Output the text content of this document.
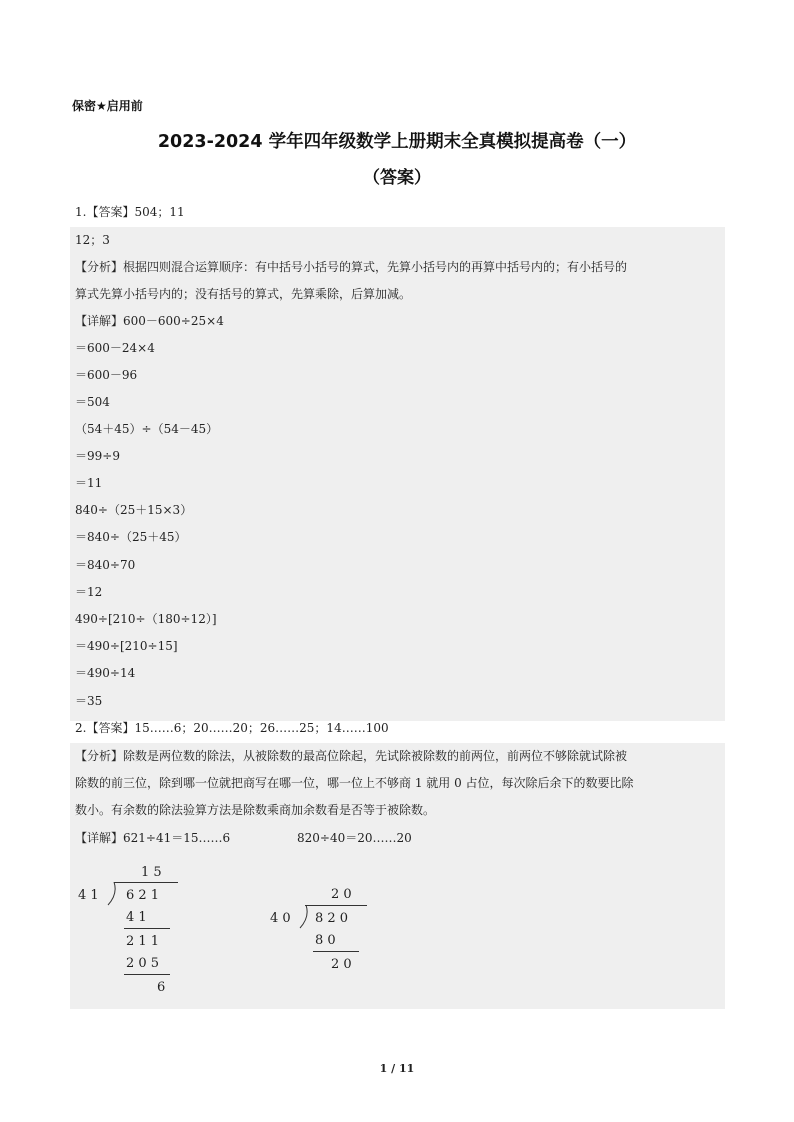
保密★启用前
2023-2024 学年四年级数学上册期末全真模拟提高卷（一）
（答案）
1.【答案】504；11
12；3
【分析】根据四则混合运算顺序：有中括号小括号的算式，先算小括号内的再算中括号内的；有小括号的
算式先算小括号内的；没有括号的算式，先算乘除，后算加减。
【详解】600－600÷25×4
＝600－24×4
＝600－96
＝504
（54＋45）÷（54－45）
＝99÷9
＝11
840÷（25＋15×3）
＝840÷（25＋45）
＝840÷70
＝12
490÷[210÷（180÷12）]
＝490÷[210÷15]
＝490÷14
＝35
2.【答案】15……6；20……20；26……25；14……100
【分析】除数是两位数的除法，从被除数的最高位除起，先试除被除数的前两位，前两位不够除就试除被
除数的前三位，除到哪一位就把商写在哪一位，哪一位上不够商 1 就用 0 占位，每次除后余下的数要比除
数小。有余数的除法验算方法是除数乘商加余数看是否等于被除数。
【详解】621÷41＝15……6	820÷40＝20……20
1 5
4 1 6 2 1
4 1
2 1 1
2 0 5
6
2 0
4 0 8 2 0
8 0
2 0
1 / 11
